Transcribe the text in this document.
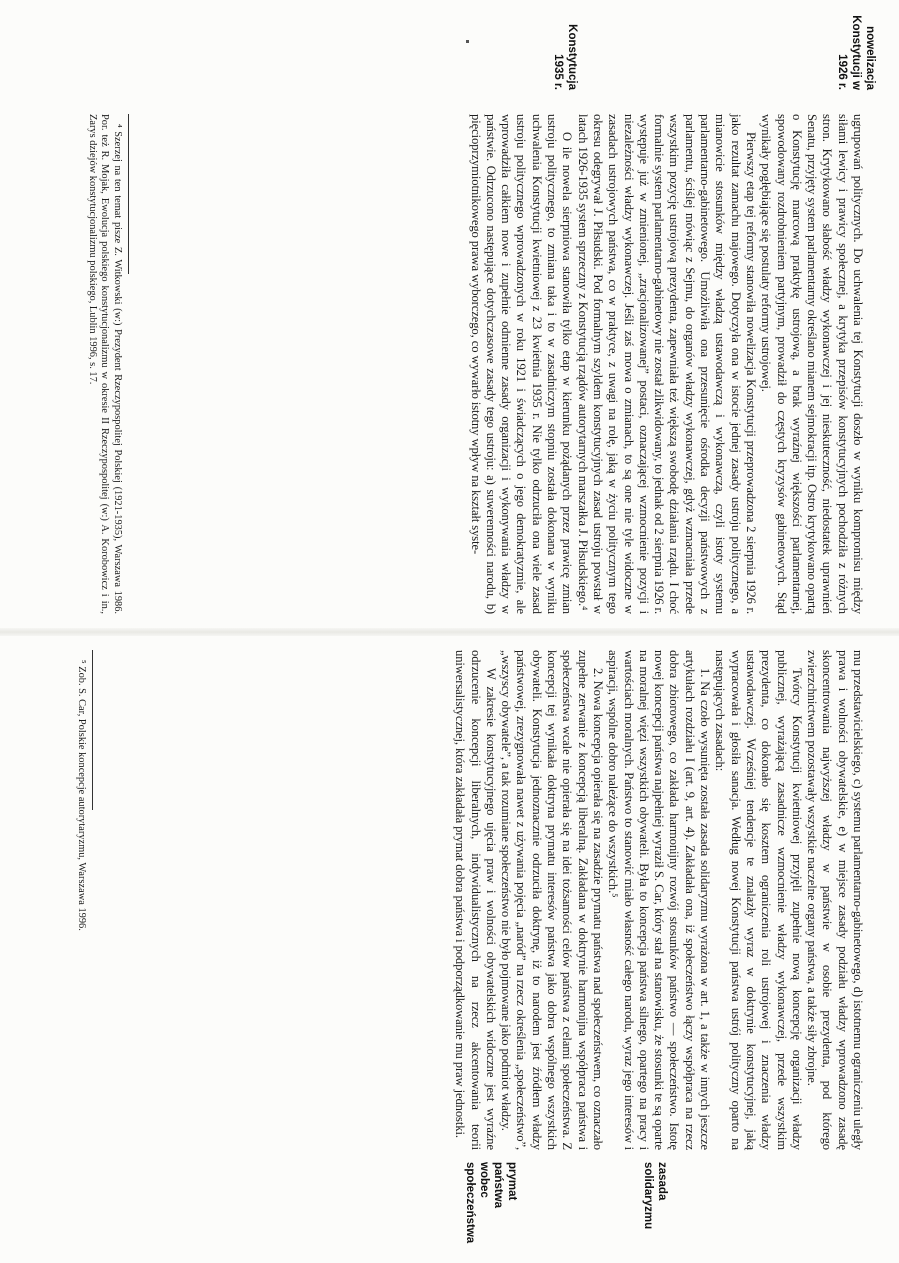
nowelizacja Konstytucji w 1926 r.
Konstytucja 1935 r.

ugrupowań politycznych. Do uchwalenia tej Konstytucji doszło w wyniku kompromisu między siłami lewicy i prawicy społecznej, a krytyka przepisów konstytucyjnych pochodziła z różnych stron. Krytykowano słabość władzy wykonawczej i jej nieskuteczność, niedostatek uprawnień Senatu, przyjęty system parlamentarny określano mianem sejmokracji itp. Ostro krytykowano opartą o Konstytucję marcową praktykę ustrojową, a brak wyraźnej większości parlamentarnej, spowodowany rozdrobnieniem partyjnym, prowadził do częstych kryzysów gabinetowych. Stąd wynikały pogłębiające się postulaty reformy ustrojowej.

Pierwszy etap tej reformy stanowiła nowelizacja Konstytucji przeprowadzona 2 sierpnia 1926 r. jako rezultat zamachu majowego. Dotyczyła ona w istocie jednej zasady ustroju politycznego, a mianowicie stosunków między władzą ustawodawczą i wykonawczą, czyli istoty systemu parlamentarno-gabinetowego. Umożliwiła ona przesunięcie ośrodka decyzji państwowych z parlamentu, ściślej mówiąc z Sejmu, do organów władzy wykonawczej, gdyż wzmacniała przede wszystkim pozycję ustrojową prezydenta, zapewniała też większą swobodę działania rządu. I choć formalnie system parlamentarno-gabinetowy nie został zlikwidowany, to jednak od 2 sierpnia 1926 r. występuje już w zmienionej, „zracjonalizowanej” postaci, oznaczającej wzmocnienie pozycji i niezależności władzy wykonawczej. Jeśli zaś mowa o zmianach, to są one nie tyle widoczne w zasadach ustrojowych państwa, co w praktyce, z uwagi na rolę, jaką w życiu politycznym tego okresu odegrywał J. Piłsudski. Pod formalnym szyldem konstytucyjnych zasad ustroju powstał w latach 1926-1935 system sprzeczny z Konstytucją rządów autorytarnych marszałka J. Piłsudskiego.⁴

O ile nowela sierpniowa stanowiła tylko etap w kierunku pożądanych przez prawicę zmian ustroju politycznego, to zmiana taka i to w zasadniczym stopniu została dokonana w wyniku uchwalenia Konstytucji kwietniowej z 23 kwietnia 1935 r. Nie tylko odrzuciła ona wiele zasad ustroju politycznego wprowadzonych w roku 1921 i świadczących o jego demokratyzmie, ale wprowadziła całkiem nowe i zupełnie odmienne zasady organizacji i wykonywania władzy w państwie. Odrzucono następujące dotychczasowe zasady tego ustroju: a) suwerenności narodu, b) pięcioprzymiotnikowego prawa wyborczego, co wywarło istotny wpływ na kształt syste-

⁴ Szerzej na ten temat pisze Z. Witkowski (w:) Prezydent Rzeczypospolitej Polskiej (1921-1935), Warszawa 1986. Por. też R. Mojak, Ewolucja polskiego konstytucjonalizmu w okresie II Rzeczypospolitej (w:) A. Korobowicz i in., Zarys dziejów konstytucjonalizmu polskiego, Lublin 1996, s. 17.

mu przedstawicielskiego, c) systemu parlamentarno-gabinetowego, d) istotnemu ograniczeniu uległy prawa i wolności obywatelskie, e) w miejsce zasady podziału władzy wprowadzono zasadę skoncentrowania najwyższej władzy w państwie w osobie prezydenta, pod którego zwierzchnictwem pozostawały wszystkie naczelne organy państwa, a także siły zbrojne.

Twórcy Konstytucji kwietniowej przyjęli zupełnie nową koncepcję organizacji władzy publicznej, wyrażającą zasadnicze wzmocnienie władzy wykonawczej, przede wszystkim prezydenta, co dokonało się kosztem ograniczenia roli ustrojowej i znaczenia władzy ustawodawczej. Wcześniej tendencje te znalazły wyraz w doktrynie konstytucyjnej, jaką wypracowała i głosiła sanacja. Według nowej Konstytucji państwa ustrój polityczny oparto na następujących zasadach:

1. Na czoło wysunięta została zasada solidaryzmu wyrażona w art. 1, a także w innych jeszcze artykułach rozdziału I (art. 9, art. 4). Zakładała ona, iż społeczeństwo łączy współpraca na rzecz dobra zbiorowego, co zakłada harmonijny rozwój stosunków państwo — społeczeństwo. Istotę nowej koncepcji państwa najpełniej wyraził S. Car, który stał na stanowisku, że stosunki te są oparte na moralnej więzi wszystkich obywateli. Była to koncepcja państwa silnego, opartego na pracy i wartościach moralnych. Państwo to stanowić miało własność całego narodu, wyraz jego interesów i aspiracji, wspólne dobro należące do wszystkich.⁵

2. Nowa koncepcja opierała się na zasadzie prymatu państwa nad społeczeństwem, co oznaczało zupełne zerwanie z koncepcją liberalną. Zakładana w doktrynie harmonijna współpraca państwa i społeczeństwa wcale nie opierała się na idei tożsamości celów państwa z celami społeczeństwa. Z koncepcji tej wynikała doktryna prymatu interesów państwa jako dobra wspólnego wszystkich obywateli. Konstytucja jednoznacznie odrzuciła doktrynę, iż to narodem jest źródłem władzy państwowej, zrezygnowała nawet z używania pojęcia „naród” na rzecz określenia „społeczeństwo”, „wszyscy obywatele”, a tak rozumiane społeczeństwo nie było pojmowane jako podmiot władzy.

W zakresie konstytucyjnego ujęcia praw i wolności obywatelskich widoczne jest wyraźne odrzucenie koncepcji liberalnych, indywidualistycznych na rzecz akcentowania teorii uniwersalistycznej, która zakładała prymat dobra państwa i podporządkowanie mu praw jednostki.

zasada solidaryzmu
prymat państwa wobec społeczeństwa

⁵ Zob. S. Car, Polskie koncepcje autorytaryzmu, Warszawa 1996.
